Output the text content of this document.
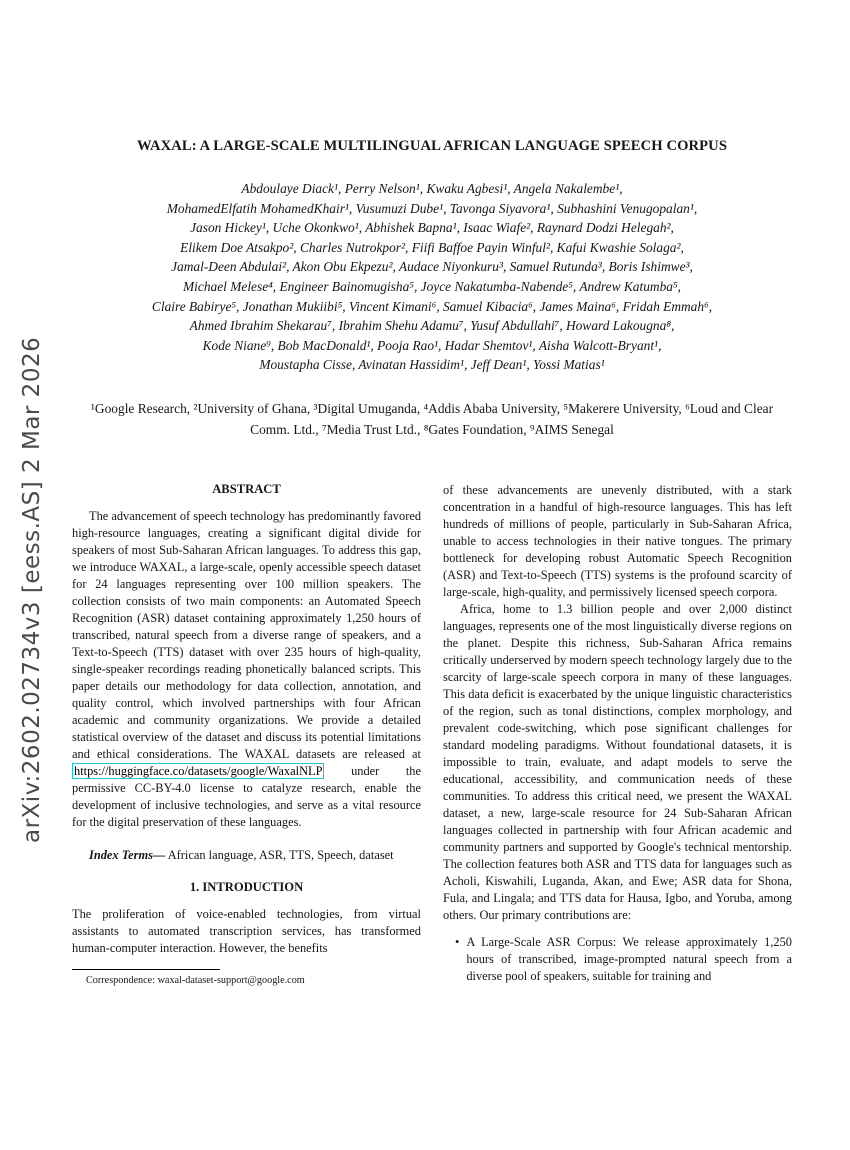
arXiv:2602.02734v3 [eess.AS] 2 Mar 2026
WAXAL: A LARGE-SCALE MULTILINGUAL AFRICAN LANGUAGE SPEECH CORPUS
Abdoulaye Diack¹, Perry Nelson¹, Kwaku Agbesi¹, Angela Nakalembe¹,
MohamedElfatih MohamedKhair¹, Vusumuzi Dube¹, Tavonga Siyavora¹, Subhashini Venugopalan¹,
Jason Hickey¹, Uche Okonkwo¹, Abhishek Bapna¹, Isaac Wiafe², Raynard Dodzi Helegah²,
Elikem Doe Atsakpo², Charles Nutrokpor², Fiifi Baffoe Payin Winful², Kafui Kwashie Solaga²,
Jamal-Deen Abdulai², Akon Obu Ekpezu², Audace Niyonkuru³, Samuel Rutunda³, Boris Ishimwe³,
Michael Melese⁴, Engineer Bainomugisha⁵, Joyce Nakatumba-Nabende⁵, Andrew Katumba⁵,
Claire Babirye⁵, Jonathan Mukiibi⁵, Vincent Kimani⁶, Samuel Kibacia⁶, James Maina⁶, Fridah Emmah⁶,
Ahmed Ibrahim Shekarau⁷, Ibrahim Shehu Adamu⁷, Yusuf Abdullahi⁷, Howard Lakougna⁸,
Kode Niane⁹, Bob MacDonald¹, Pooja Rao¹, Hadar Shemtov¹, Aisha Walcott-Bryant¹,
Moustapha Cisse, Avinatan Hassidim¹, Jeff Dean¹, Yossi Matias¹
¹Google Research, ²University of Ghana, ³Digital Umuganda, ⁴Addis Ababa University, ⁵Makerere University, ⁶Loud and Clear Comm. Ltd., ⁷Media Trust Ltd., ⁸Gates Foundation, ⁹AIMS Senegal
ABSTRACT

The advancement of speech technology has predominantly favored high-resource languages, creating a significant digital divide for speakers of most Sub-Saharan African languages. To address this gap, we introduce WAXAL, a large-scale, openly accessible speech dataset for 24 languages representing over 100 million speakers. The collection consists of two main components: an Automated Speech Recognition (ASR) dataset containing approximately 1,250 hours of transcribed, natural speech from a diverse range of speakers, and a Text-to-Speech (TTS) dataset with over 235 hours of high-quality, single-speaker recordings reading phonetically balanced scripts. This paper details our methodology for data collection, annotation, and quality control, which involved partnerships with four African academic and community organizations. We provide a detailed statistical overview of the dataset and discuss its potential limitations and ethical considerations. The WAXAL datasets are released at https://huggingface.co/datasets/google/WaxalNLP under the permissive CC-BY-4.0 license to catalyze research, enable the development of inclusive technologies, and serve as a vital resource for the digital preservation of these languages.

Index Terms— African language, ASR, TTS, Speech, dataset

1. INTRODUCTION

The proliferation of voice-enabled technologies, from virtual assistants to automated transcription services, has transformed human-computer interaction. However, the benefits

Correspondence: waxal-dataset-support@google.com

of these advancements are unevenly distributed, with a stark concentration in a handful of high-resource languages. This has left hundreds of millions of people, particularly in Sub-Saharan Africa, unable to access technologies in their native tongues. The primary bottleneck for developing robust Automatic Speech Recognition (ASR) and Text-to-Speech (TTS) systems is the profound scarcity of large-scale, high-quality, and permissively licensed speech corpora.

Africa, home to 1.3 billion people and over 2,000 distinct languages, represents one of the most linguistically diverse regions on the planet. Despite this richness, Sub-Saharan Africa remains critically underserved by modern speech technology largely due to the scarcity of large-scale speech corpora in many of these languages. This data deficit is exacerbated by the unique linguistic characteristics of the region, such as tonal distinctions, complex morphology, and prevalent code-switching, which pose significant challenges for standard modeling paradigms. Without foundational datasets, it is impossible to train, evaluate, and adapt models to serve the educational, accessibility, and communication needs of these communities. To address this critical need, we present the WAXAL dataset, a new, large-scale resource for 24 Sub-Saharan African languages collected in partnership with four African academic and community partners and supported by Google's technical mentorship. The collection features both ASR and TTS data for languages such as Acholi, Kiswahili, Luganda, Akan, and Ewe; ASR data for Shona, Fula, and Lingala; and TTS data for Hausa, Igbo, and Yoruba, among others. Our primary contributions are:

• A Large-Scale ASR Corpus: We release approximately 1,250 hours of transcribed, image-prompted natural speech from a diverse pool of speakers, suitable for training and
